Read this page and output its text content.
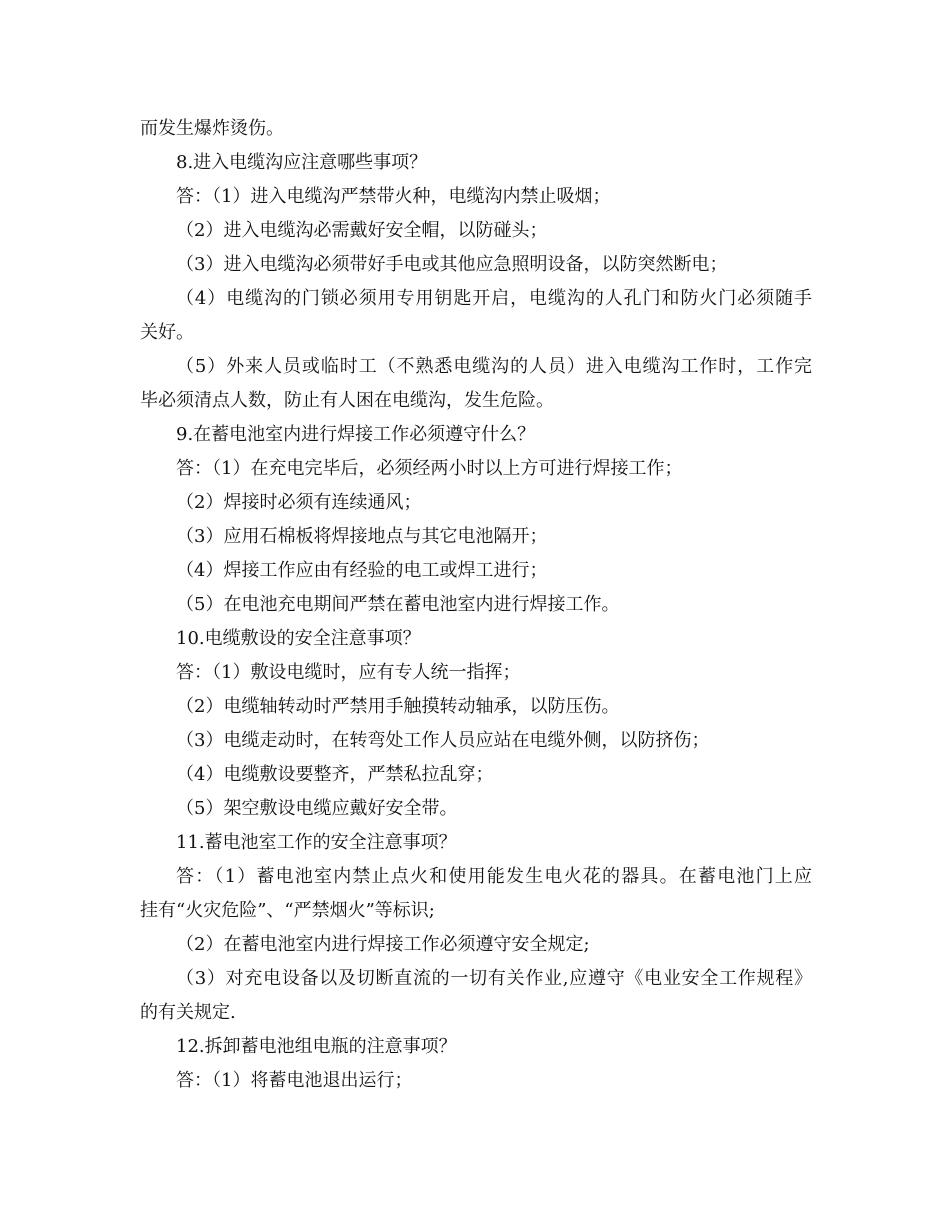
而发生爆炸烫伤。
8.进入电缆沟应注意哪些事项？
答：（1）进入电缆沟严禁带火种，电缆沟内禁止吸烟；
（2）进入电缆沟必需戴好安全帽，以防碰头；
（3）进入电缆沟必须带好手电或其他应急照明设备，以防突然断电；
（4）电缆沟的门锁必须用专用钥匙开启，电缆沟的人孔门和防火门必须随手
关好。
（5）外来人员或临时工（不熟悉电缆沟的人员）进入电缆沟工作时，工作完
毕必须清点人数，防止有人困在电缆沟，发生危险。
9.在蓄电池室内进行焊接工作必须遵守什么？
答：（1）在充电完毕后，必须经两小时以上方可进行焊接工作；
（2）焊接时必须有连续通风；
（3）应用石棉板将焊接地点与其它电池隔开；
（4）焊接工作应由有经验的电工或焊工进行；
（5）在电池充电期间严禁在蓄电池室内进行焊接工作。
10.电缆敷设的安全注意事项？
答：（1）敷设电缆时，应有专人统一指挥；
（2）电缆轴转动时严禁用手触摸转动轴承，以防压伤。
（3）电缆走动时，在转弯处工作人员应站在电缆外侧，以防挤伤；
（4）电缆敷设要整齐，严禁私拉乱穿；
（5）架空敷设电缆应戴好安全带。
11.蓄电池室工作的安全注意事项？
答：（1）蓄电池室内禁止点火和使用能发生电火花的器具。在蓄电池门上应
挂有“火灾危险”、“严禁烟火”等标识;
（2）在蓄电池室内进行焊接工作必须遵守安全规定;
（3）对充电设备以及切断直流的一切有关作业,应遵守《电业安全工作规程》
的有关规定.
12.拆卸蓄电池组电瓶的注意事项？
答：（1）将蓄电池退出运行；
